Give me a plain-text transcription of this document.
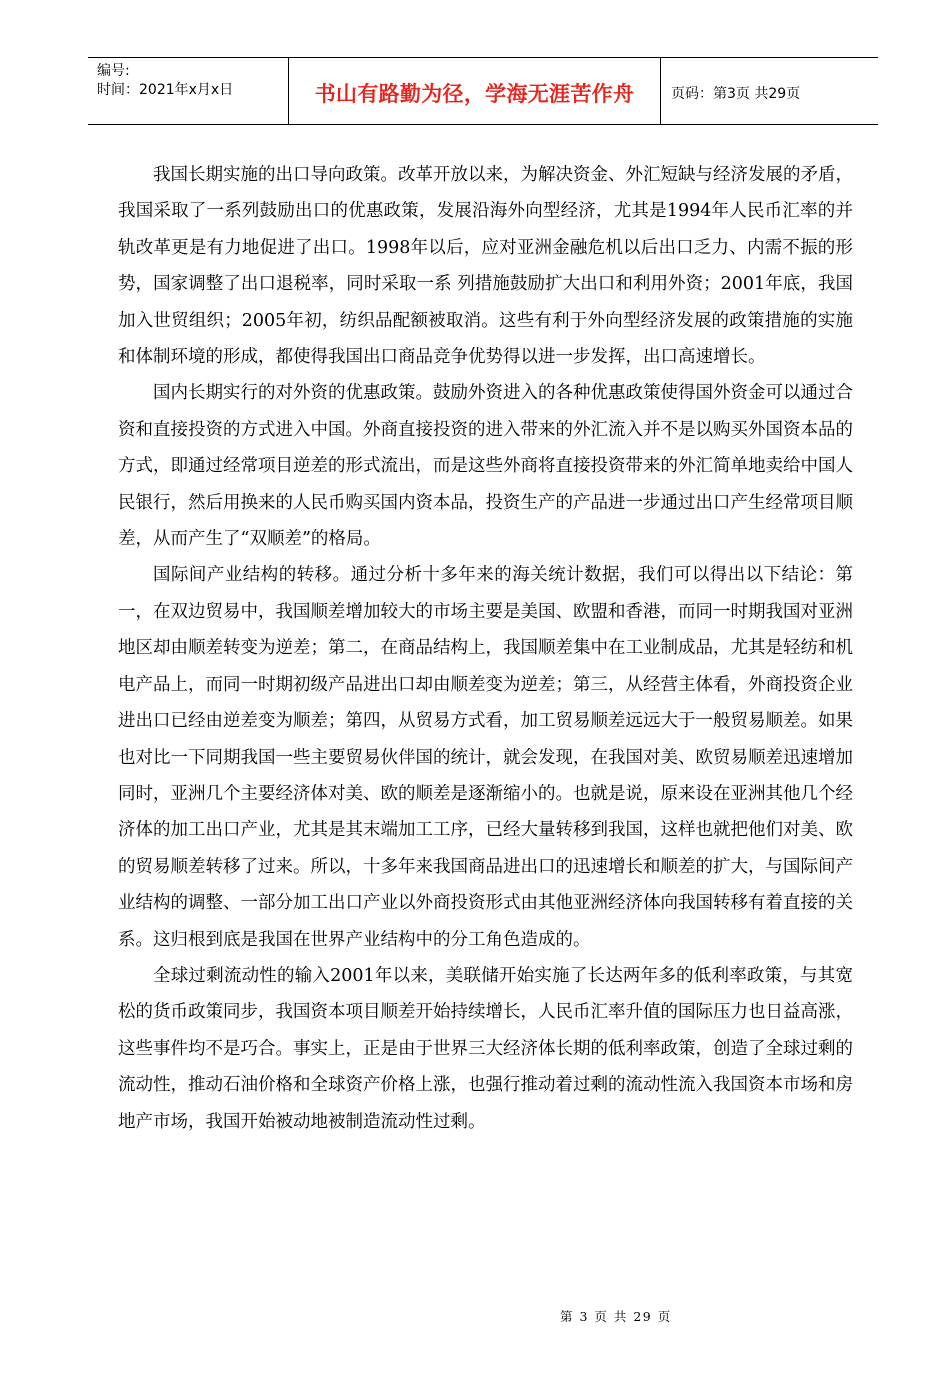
编号:
时间：2021年x月x日	书山有路勤为径，学海无涯苦作舟	页码：第3页 共29页

我国长期实施的出口导向政策。改革开放以来，为解决资金、外汇短缺与经济发展的矛盾，我国采取了一系列鼓励出口的优惠政策，发展沿海外向型经济，尤其是1994年人民币汇率的并轨改革更是有力地促进了出口。1998年以后，应对亚洲金融危机以后出口乏力、内需不振的形势，国家调整了出口退税率，同时采取一系 列措施鼓励扩大出口和利用外资；2001年底，我国加入世贸组织；2005年初，纺织品配额被取消。这些有利于外向型经济发展的政策措施的实施和体制环境的形成，都使得我国出口商品竞争优势得以进一步发挥，出口高速增长。

国内长期实行的对外资的优惠政策。鼓励外资进入的各种优惠政策使得国外资金可以通过合资和直接投资的方式进入中国。外商直接投资的进入带来的外汇流入并不是以购买外国资本品的方式，即通过经常项目逆差的形式流出，而是这些外商将直接投资带来的外汇简单地卖给中国人民银行，然后用换来的人民币购买国内资本品，投资生产的产品进一步通过出口产生经常项目顺差，从而产生了“双顺差”的格局。

国际间产业结构的转移。通过分析十多年来的海关统计数据，我们可以得出以下结论：第一，在双边贸易中，我国顺差增加较大的市场主要是美国、欧盟和香港，而同一时期我国对亚洲地区却由顺差转变为逆差；第二，在商品结构上，我国顺差集中在工业制成品，尤其是轻纺和机电产品上，而同一时期初级产品进出口却由顺差变为逆差；第三，从经营主体看，外商投资企业进出口已经由逆差变为顺差；第四，从贸易方式看，加工贸易顺差远远大于一般贸易顺差。如果也对比一下同期我国一些主要贸易伙伴国的统计，就会发现，在我国对美、欧贸易顺差迅速增加同时，亚洲几个主要经济体对美、欧的顺差是逐渐缩小的。也就是说，原来设在亚洲其他几个经济体的加工出口产业，尤其是其末端加工工序，已经大量转移到我国，这样也就把他们对美、欧的贸易顺差转移了过来。所以，十多年来我国商品进出口的迅速增长和顺差的扩大，与国际间产业结构的调整、一部分加工出口产业以外商投资形式由其他亚洲经济体向我国转移有着直接的关系。这归根到底是我国在世界产业结构中的分工角色造成的。

全球过剩流动性的输入2001年以来，美联储开始实施了长达两年多的低利率政策，与其宽松的货币政策同步，我国资本项目顺差开始持续增长，人民币汇率升值的国际压力也日益高涨，这些事件均不是巧合。事实上，正是由于世界三大经济体长期的低利率政策，创造了全球过剩的流动性，推动石油价格和全球资产价格上涨，也强行推动着过剩的流动性流入我国资本市场和房地产市场，我国开始被动地被制造流动性过剩。

第 3 页 共 29 页
